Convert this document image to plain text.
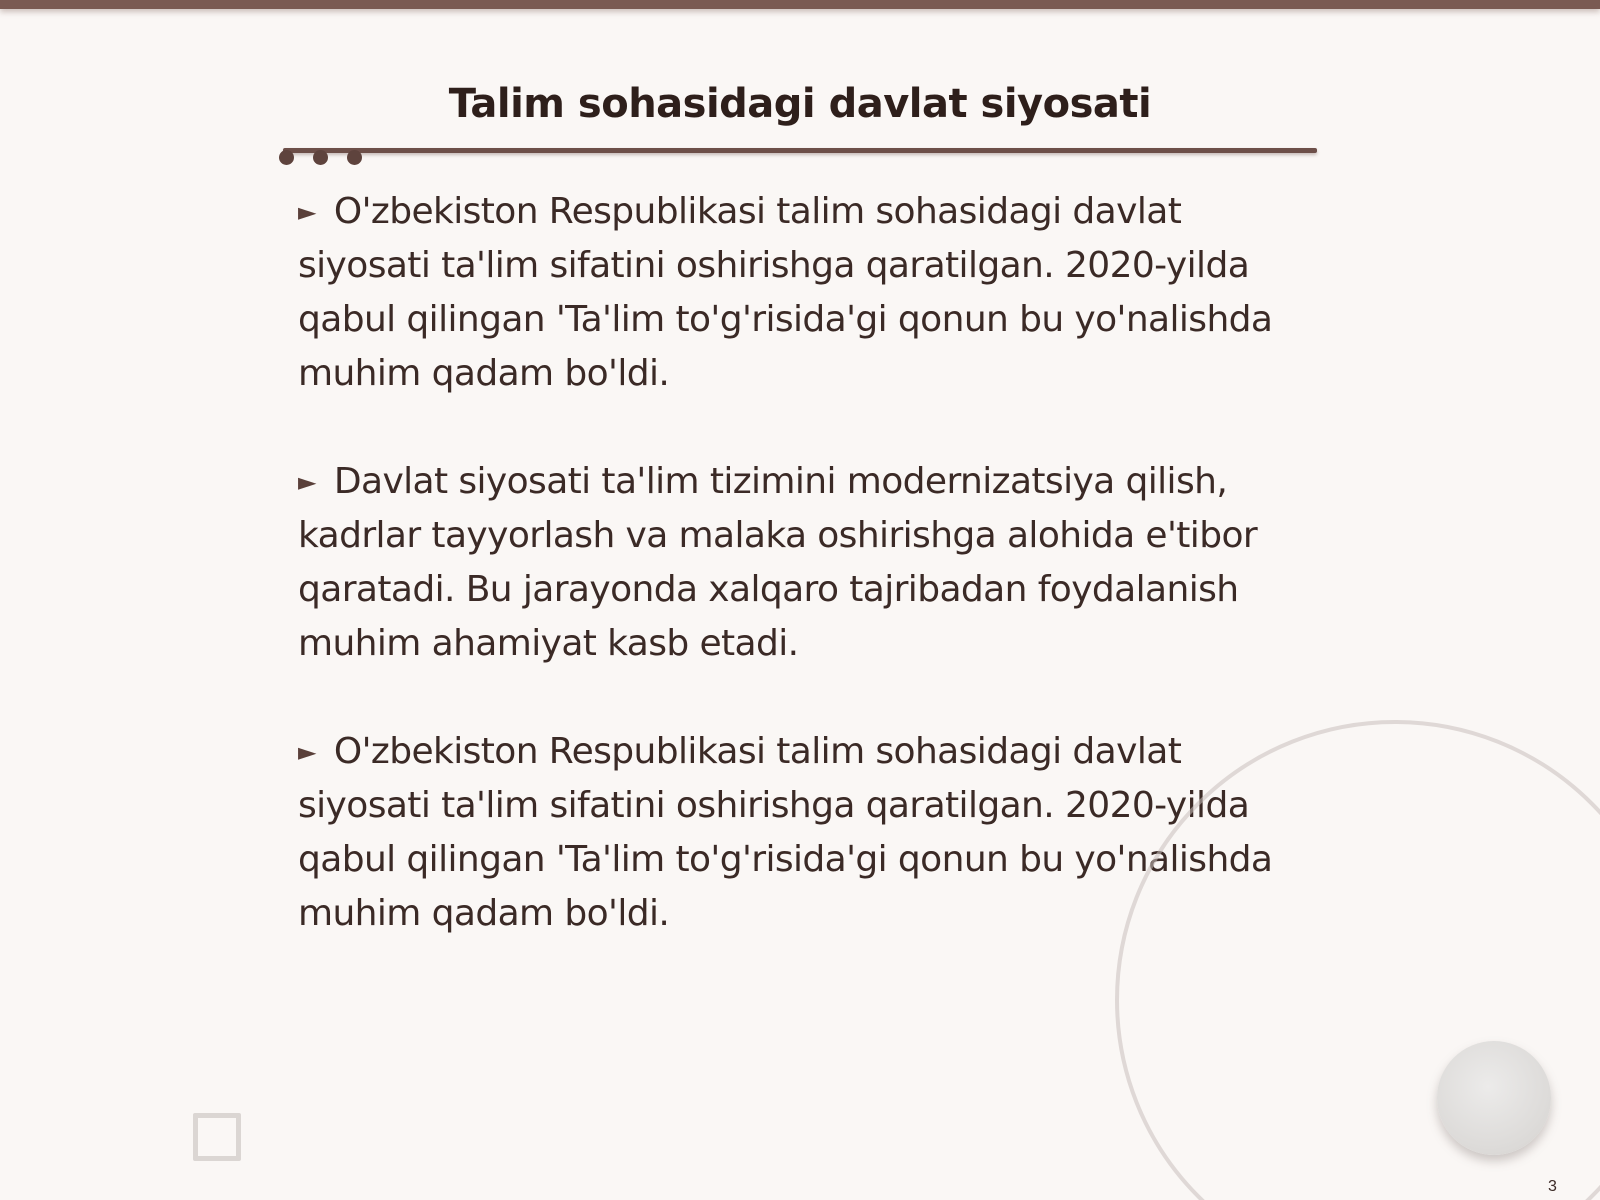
Talim sohasidagi davlat siyosati

► O'zbekiston Respublikasi talim sohasidagi davlat siyosati ta'lim sifatini oshirishga qaratilgan. 2020-yilda qabul qilingan 'Ta'lim to'g'risida'gi qonun bu yo'nalishda muhim qadam bo'ldi.

► Davlat siyosati ta'lim tizimini modernizatsiya qilish, kadrlar tayyorlash va malaka oshirishga alohida e'tibor qaratadi. Bu jarayonda xalqaro tajribadan foydalanish muhim ahamiyat kasb etadi.

► O'zbekiston Respublikasi talim sohasidagi davlat siyosati ta'lim sifatini oshirishga qaratilgan. 2020-yilda qabul qilingan 'Ta'lim to'g'risida'gi qonun bu yo'nalishda muhim qadam bo'ldi.

3
